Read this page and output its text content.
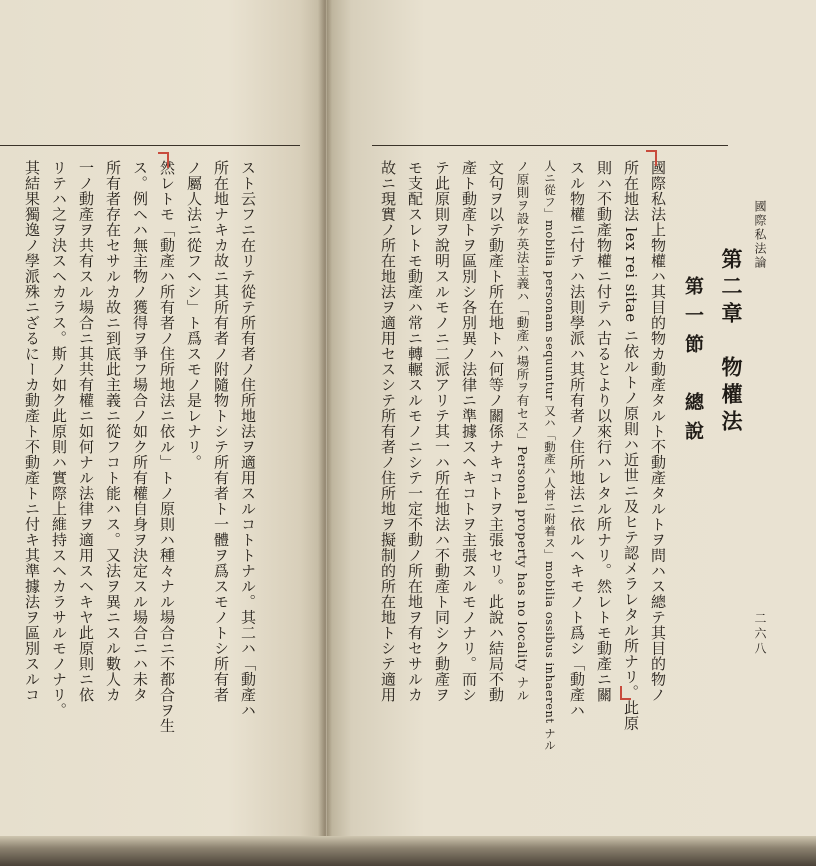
國際私法論
二六八
第二章　物權法
第一節　總說
國際私法上物權ハ其目的物カ動產タルト不動產タルトヲ問ハス總テ其目的物ノ
所在地法 lex rei sitae ニ依ルトノ原則ハ近世ニ及ヒテ認メラレタル所ナリ。此原
則ハ不動產物權ニ付テハ古るとより以來行ハレタル所ナリ。然レトモ動產ニ關
スル物權ニ付テハ法則學派ハ其所有者ノ住所地法ニ依ルヘキモノト爲シ「動產ハ
人ニ從フ」mobilia personam sequuntur 又ハ「動產ハ人骨ニ附着ス」mobilia ossibus inhaerent ナル
ノ原則ヲ設ケ英法主義ハ「動產ハ場所ヲ有セス」Personal property has no locality ナル
文句ヲ以テ動產ト所在地トハ何等ノ關係ナキコトヲ主張セリ。此說ハ結局不動
產ト動產トヲ區別シ各別異ノ法律ニ準據スヘキコトヲ主張スルモノナリ。而シ
テ此原則ヲ說明スルモノニ二派アリテ其一ハ所在地法ハ不動產ト同シク動產ヲ
モ支配スレトモ動產ハ常ニ轉輾スルモノニシテ一定不動ノ所在地ヲ有セサルカ
故ニ現實ノ所在地法ヲ適用セスシテ所有者ノ住所地ヲ擬制的所在地トシテ適用
スト云フニ在リテ從テ所有者ノ住所地法ヲ適用スルコトトナル。其二ハ「動產ハ
所在地ナキカ故ニ其所有者ノ附隨物トシテ所有者ト一體ヲ爲スモノトシ所有者
ノ屬人法ニ從フヘシ」ト爲スモノ是レナリ。
然レトモ「動產ハ所有者ノ住所地法ニ依ル」トノ原則ハ種々ナル場合ニ不都合ヲ生
ス。例ヘハ無主物ノ獲得ヲ爭フ場合ノ如ク所有權自身ヲ決定スル場合ニハ未タ
所有者存在セサルカ故ニ到底此主義ニ從フコト能ハス。又法ヲ異ニスル數人カ
一ノ動產ヲ共有スル場合ニ其共有權ニ如何ナル法律ヲ適用スヘキヤ此原則ニ依
リテハ之ヲ決スヘカラス。斯ノ如ク此原則ハ實際上維持スヘカラサルモノナリ。
其結果獨逸ノ學派殊ニざるにーカ動產ト不動產トニ付キ其準據法ヲ區別スルコ
